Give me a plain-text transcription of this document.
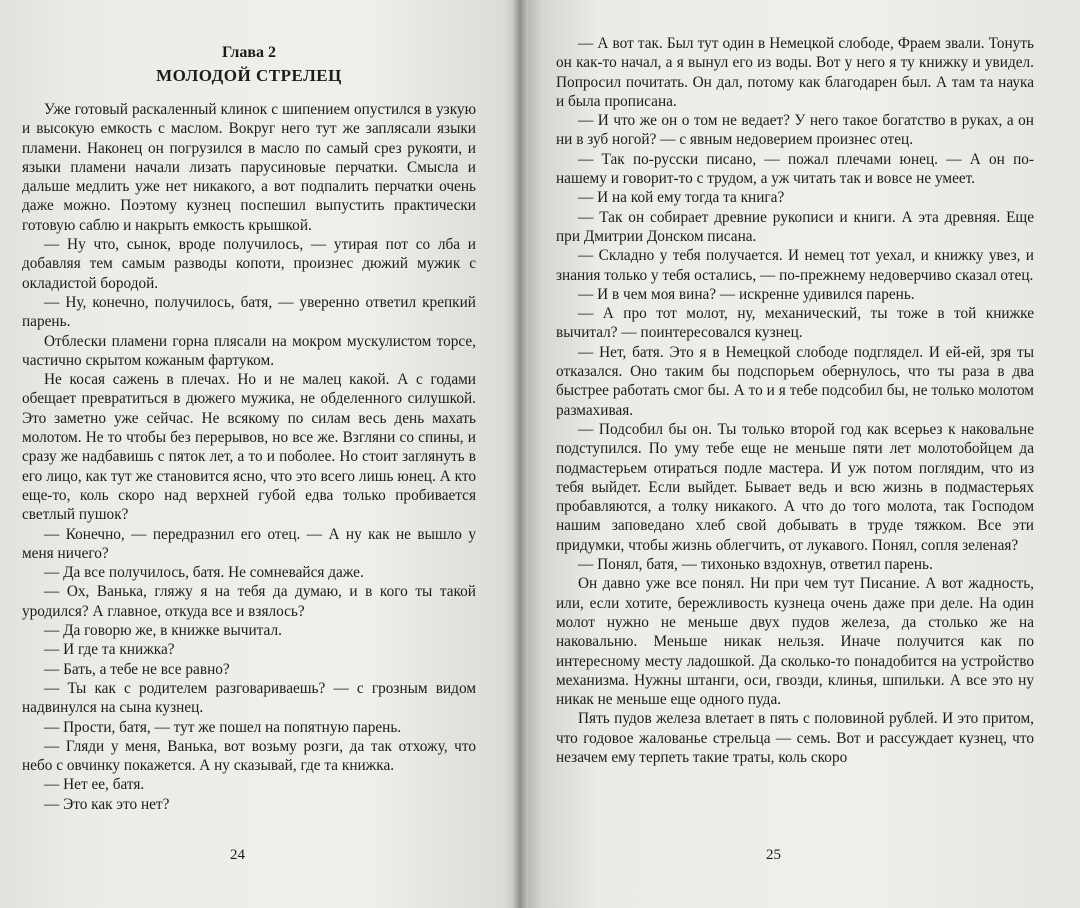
Глава 2
МОЛОДОЙ СТРЕЛЕЦ

Уже готовый раскаленный клинок с шипением опустился в узкую и высокую емкость с маслом. Вокруг него тут же заплясали языки пламени. Наконец он погрузился в масло по самый срез рукояти, и языки пламени начали лизать парусиновые перчатки. Смысла и дальше медлить уже нет никакого, а вот подпалить перчатки очень даже можно. Поэтому кузнец поспешил выпустить практически готовую саблю и накрыть емкость крышкой.

— Ну что, сынок, вроде получилось, — утирая пот со лба и добавляя тем самым разводы копоти, произнес дюжий мужик с окладистой бородой.

— Ну, конечно, получилось, батя, — уверенно ответил крепкий парень.

Отблески пламени горна плясали на мокром мускулистом торсе, частично скрытом кожаным фартуком.

Не косая сажень в плечах. Но и не малец какой. А с годами обещает превратиться в дюжего мужика, не обделенного силушкой. Это заметно уже сейчас. Не всякому по силам весь день махать молотом. Не то чтобы без перерывов, но все же. Взгляни со спины, и сразу же надбавишь с пяток лет, а то и поболее. Но стоит заглянуть в его лицо, как тут же становится ясно, что это всего лишь юнец. А кто еще-то, коль скоро над верхней губой едва только пробивается светлый пушок?

— Конечно, — передразнил его отец. — А ну как не вышло у меня ничего?

— Да все получилось, батя. Не сомневайся даже.

— Ох, Ванька, гляжу я на тебя да думаю, и в кого ты такой уродился? А главное, откуда все и взялось?

— Да говорю же, в книжке вычитал.

— И где та книжка?

— Бать, а тебе не все равно?

— Ты как с родителем разговариваешь? — с грозным видом надвинулся на сына кузнец.

— Прости, батя, — тут же пошел на попятную парень.

— Гляди у меня, Ванька, вот возьму розги, да так отхожу, что небо с овчинку покажется. А ну сказывай, где та книжка.

— Нет ее, батя.

— Это как это нет?

24

— А вот так. Был тут один в Немецкой слободе, Фраем звали. Тонуть он как-то начал, а я вынул его из воды. Вот у него я ту книжку и увидел. Попросил почитать. Он дал, потому как благодарен был. А там та наука и была прописана.

— И что же он о том не ведает? У него такое богатство в руках, а он ни в зуб ногой? — с явным недоверием произнес отец.

— Так по-русски писано, — пожал плечами юнец. — А он по-нашему и говорит-то с трудом, а уж читать так и вовсе не умеет.

— И на кой ему тогда та книга?

— Так он собирает древние рукописи и книги. А эта древняя. Еще при Дмитрии Донском писана.

— Складно у тебя получается. И немец тот уехал, и книжку увез, и знания только у тебя остались, — по-прежнему недоверчиво сказал отец.

— И в чем моя вина? — искренне удивился парень.

— А про тот молот, ну, механический, ты тоже в той книжке вычитал? — поинтересовался кузнец.

— Нет, батя. Это я в Немецкой слободе подглядел. И ей-ей, зря ты отказался. Оно таким бы подспорьем обернулось, что ты раза в два быстрее работать смог бы. А то и я тебе подсобил бы, не только молотом размахивая.

— Подсобил бы он. Ты только второй год как всерьез к наковальне подступился. По уму тебе еще не меньше пяти лет молотобойцем да подмастерьем отираться подле мастера. И уж потом поглядим, что из тебя выйдет. Если выйдет. Бывает ведь и всю жизнь в подмастерьях пробавляются, а толку никакого. А что до того молота, так Господом нашим заповедано хлеб свой добывать в труде тяжком. Все эти придумки, чтобы жизнь облегчить, от лукавого. Понял, сопля зеленая?

— Понял, батя, — тихонько вздохнув, ответил парень.

Он давно уже все понял. Ни при чем тут Писание. А вот жадность, или, если хотите, бережливость кузнеца очень даже при деле. На один молот нужно не меньше двух пудов железа, да столько же на наковальню. Меньше никак нельзя. Иначе получится как по интересному месту ладошкой. Да сколько-то понадобится на устройство механизма. Нужны штанги, оси, гвозди, клинья, шпильки. А все это ну никак не меньше еще одного пуда.

Пять пудов железа влетает в пять с половиной рублей. И это притом, что годовое жалованье стрельца — семь. Вот и рассуждает кузнец, что незачем ему терпеть такие траты, коль скоро

25
